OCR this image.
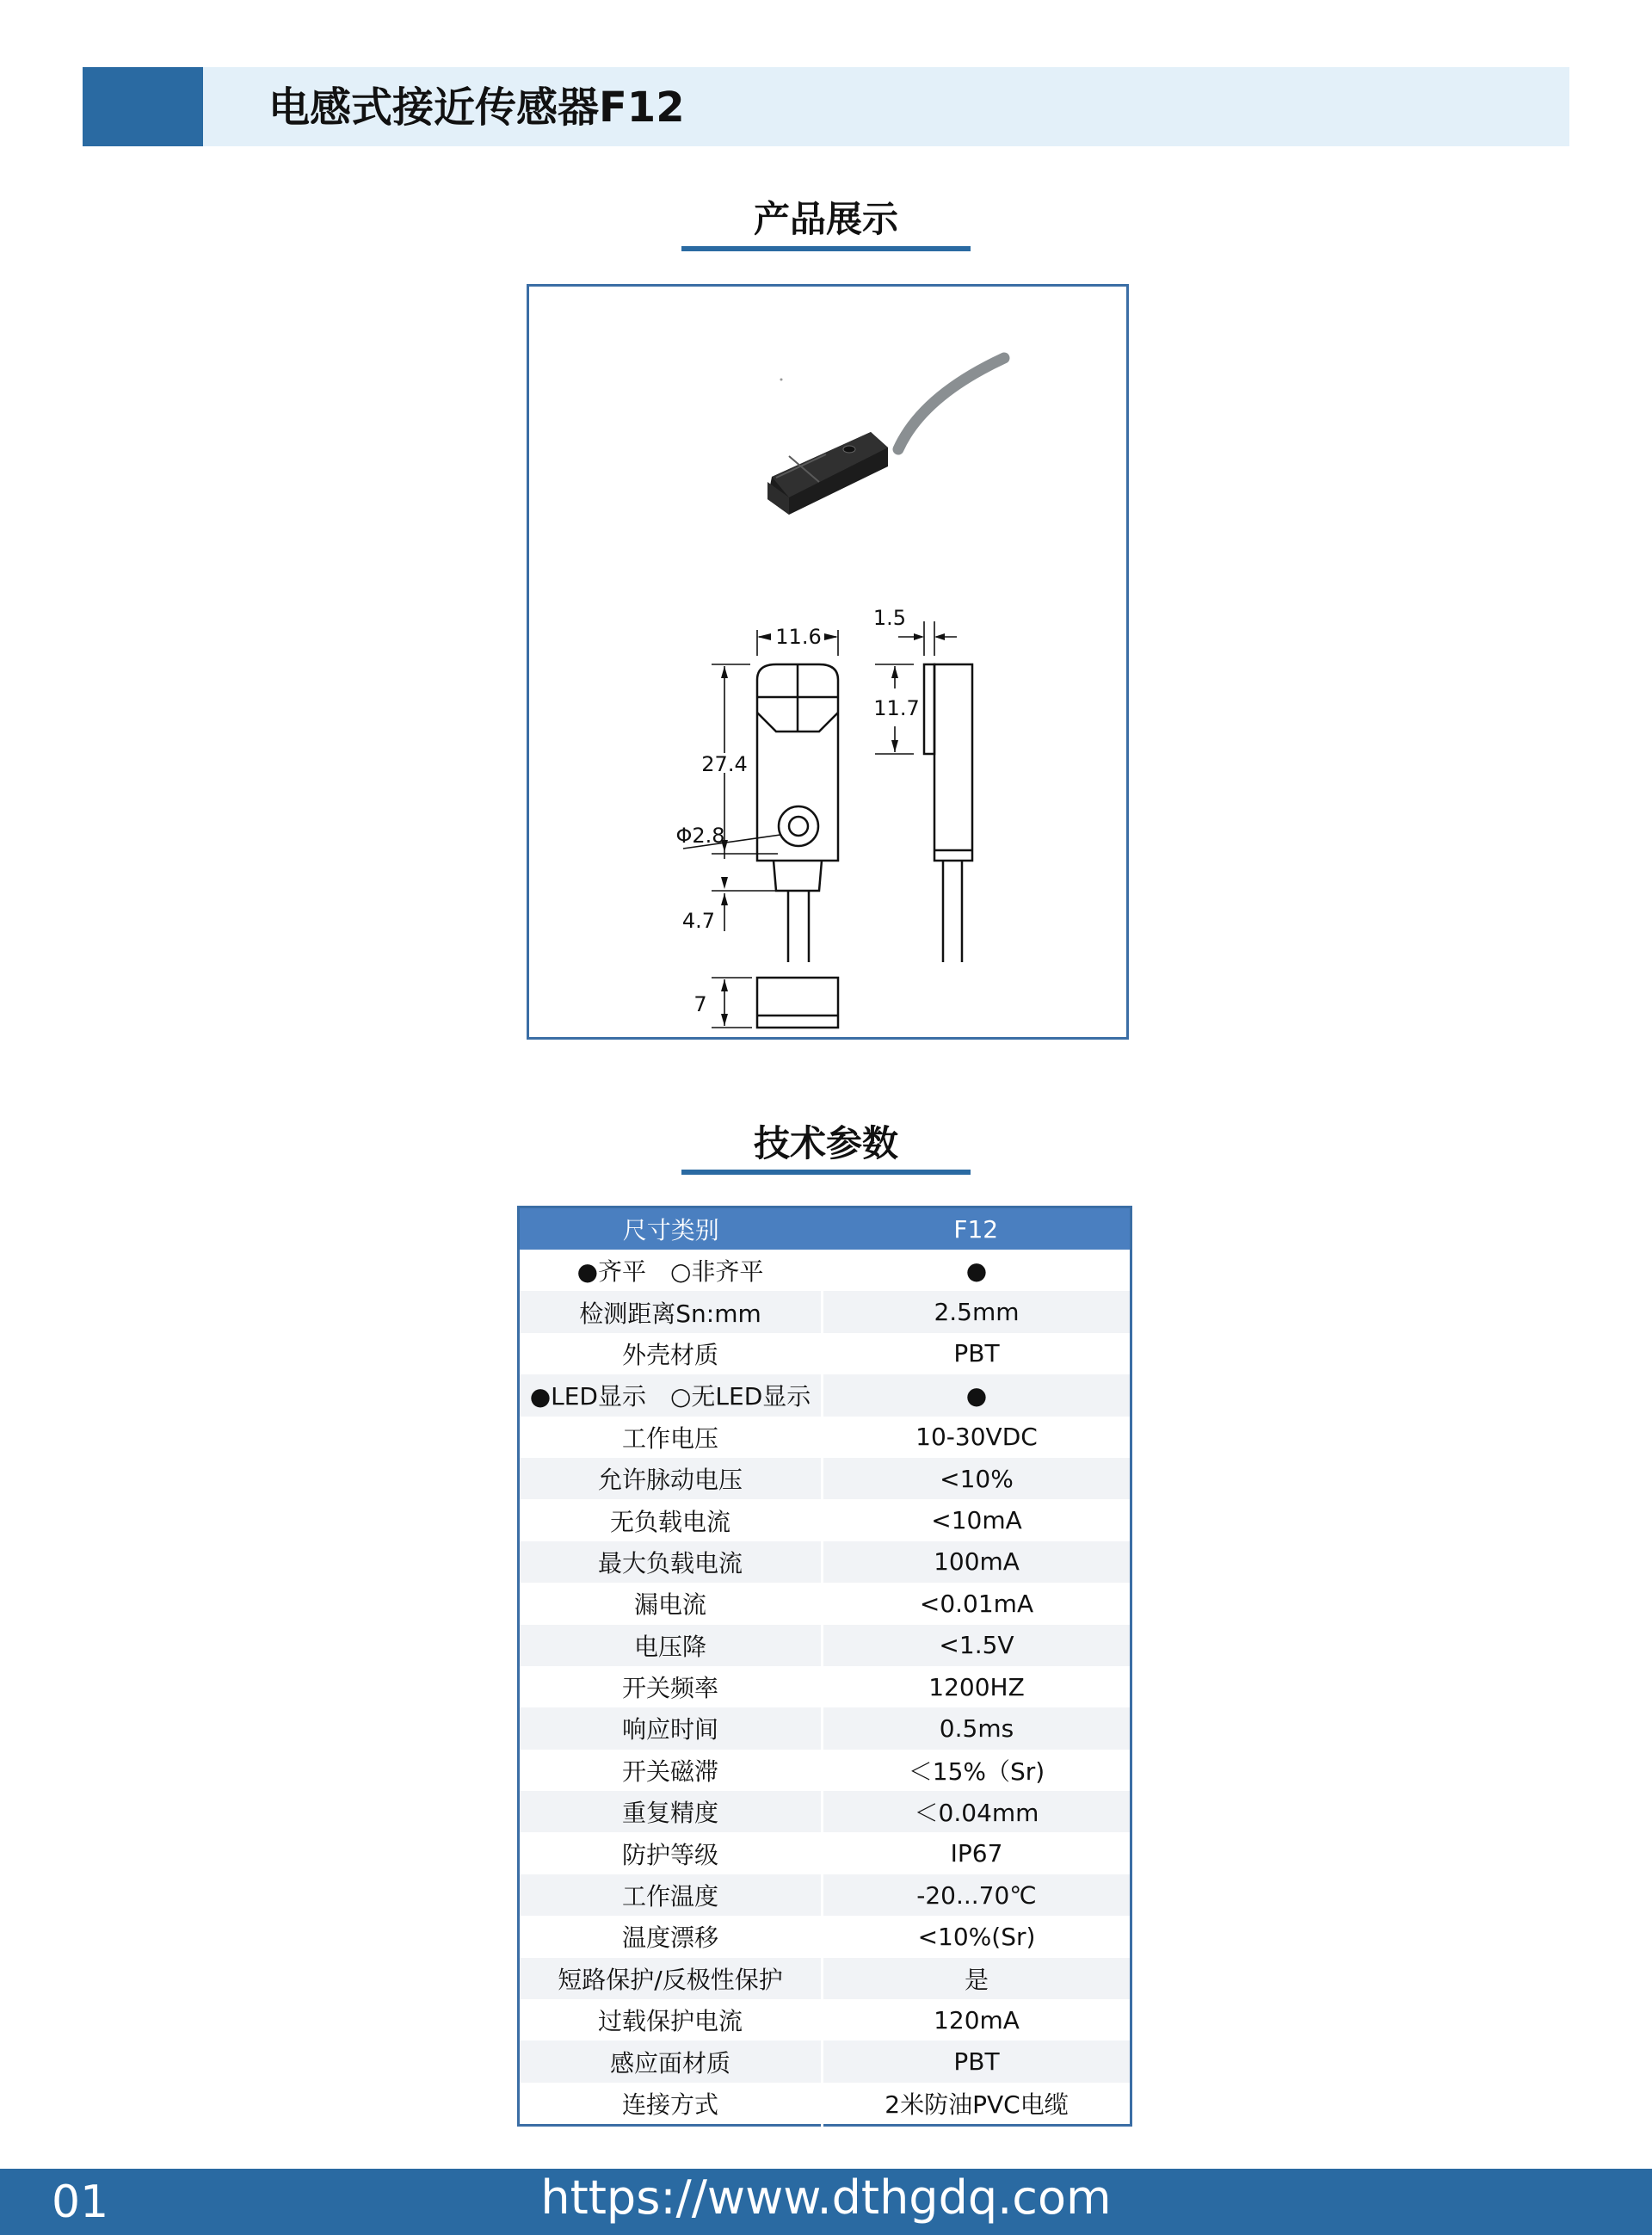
电感式接近传感器F12
产品展示
11.6
1.5
11.7
27.4
Φ2.8
4.7
7
技术参数
尺寸类别	F12
●齐平　○非齐平	●
检测距离Sn:mm	2.5mm
外壳材质	PBT
●LED显示　○无LED显示	●
工作电压	10-30VDC
允许脉动电压	<10%
无负载电流	<10mA
最大负载电流	100mA
漏电流	<0.01mA
电压降	<1.5V
开关频率	1200HZ
响应时间	0.5ms
开关磁滞	＜15%（Sr)
重复精度	＜0.04mm
防护等级	IP67
工作温度	-20...70℃
温度漂移	<10%(Sr)
短路保护/反极性保护	是
过载保护电流	120mA
感应面材质	PBT
连接方式	2米防油PVC电缆
01	https://www.dthgdq.com
